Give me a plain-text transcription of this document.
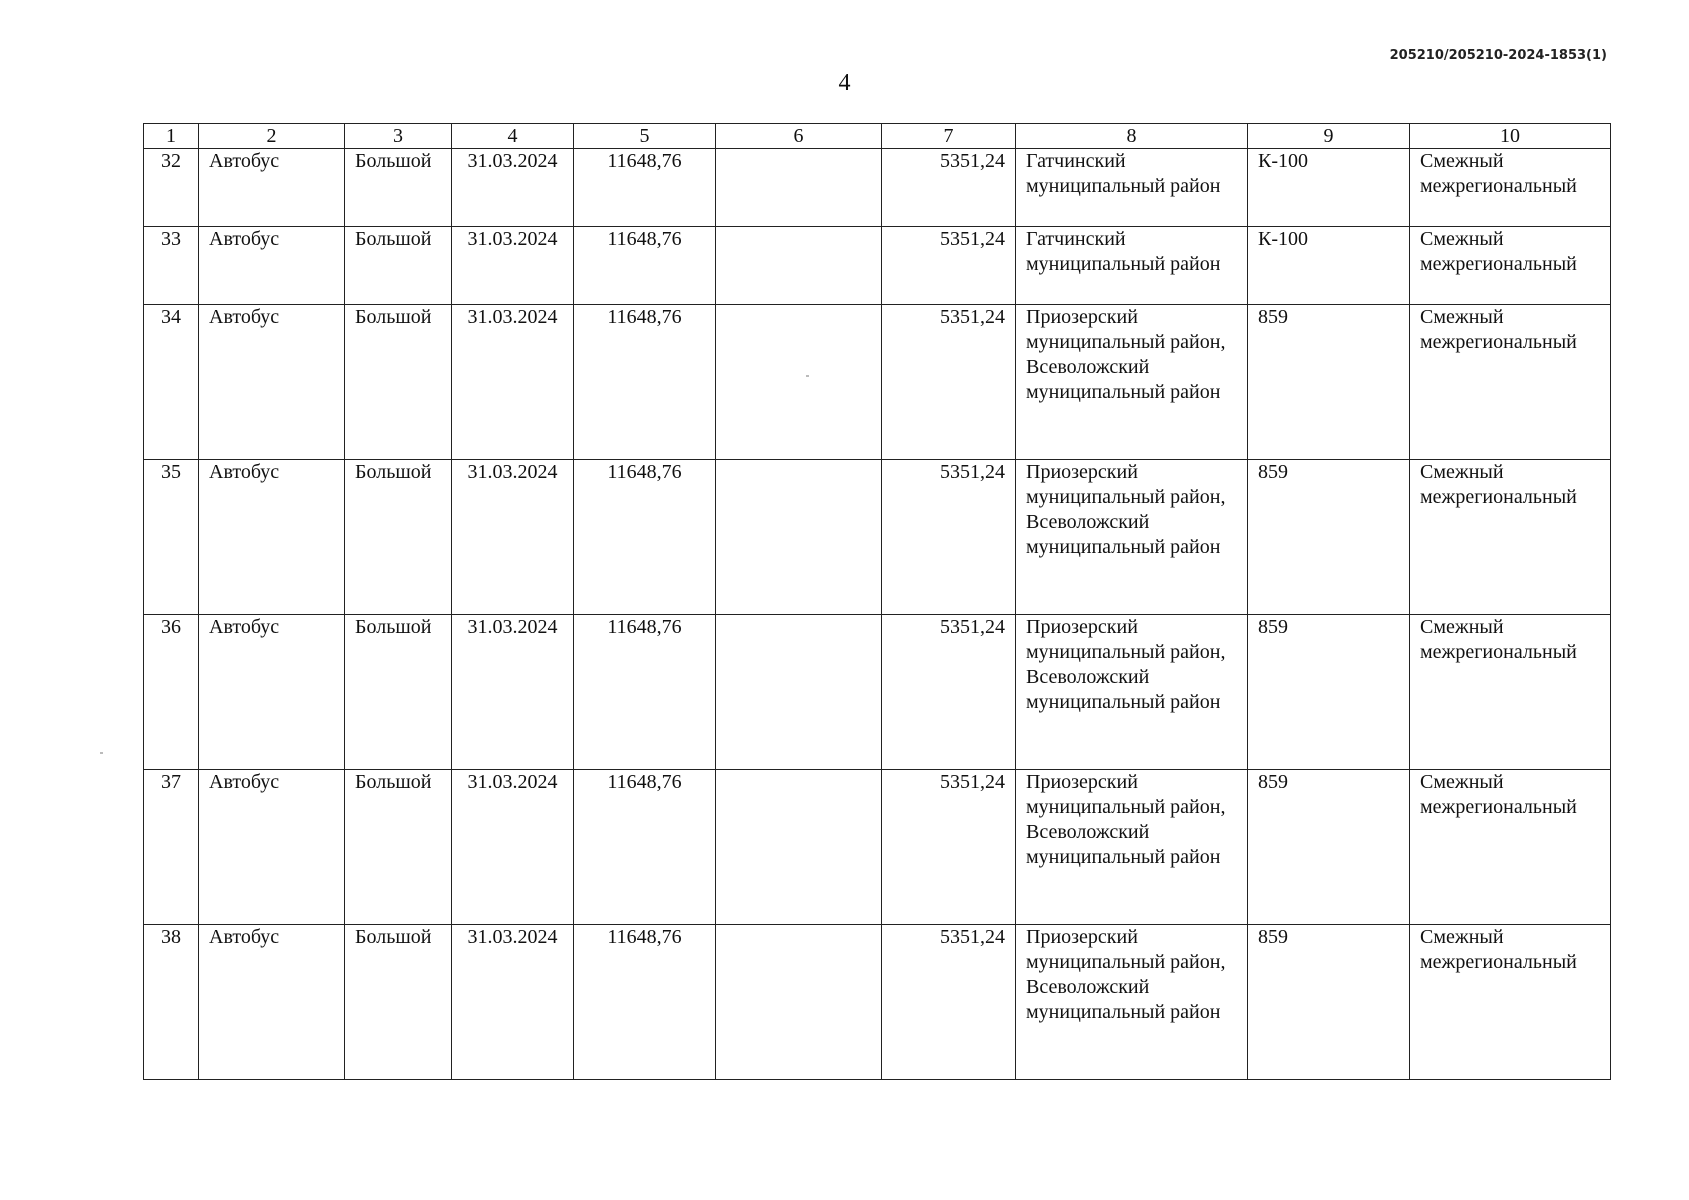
205210/205210-2024-1853(1)
4
1	2	3	4	5	6	7	8	9	10
32	Автобус	Большой	31.03.2024	11648,76		5351,24	Гатчинский муниципальный район	К-100	Смежный межрегиональный
33	Автобус	Большой	31.03.2024	11648,76		5351,24	Гатчинский муниципальный район	К-100	Смежный межрегиональный
34	Автобус	Большой	31.03.2024	11648,76		5351,24	Приозерский муниципальный район, Всеволожский муниципальный район	859	Смежный межрегиональный
35	Автобус	Большой	31.03.2024	11648,76		5351,24	Приозерский муниципальный район, Всеволожский муниципальный район	859	Смежный межрегиональный
36	Автобус	Большой	31.03.2024	11648,76		5351,24	Приозерский муниципальный район, Всеволожский муниципальный район	859	Смежный межрегиональный
37	Автобус	Большой	31.03.2024	11648,76		5351,24	Приозерский муниципальный район, Всеволожский муниципальный район	859	Смежный межрегиональный
38	Автобус	Большой	31.03.2024	11648,76		5351,24	Приозерский муниципальный район, Всеволожский муниципальный район	859	Смежный межрегиональный
